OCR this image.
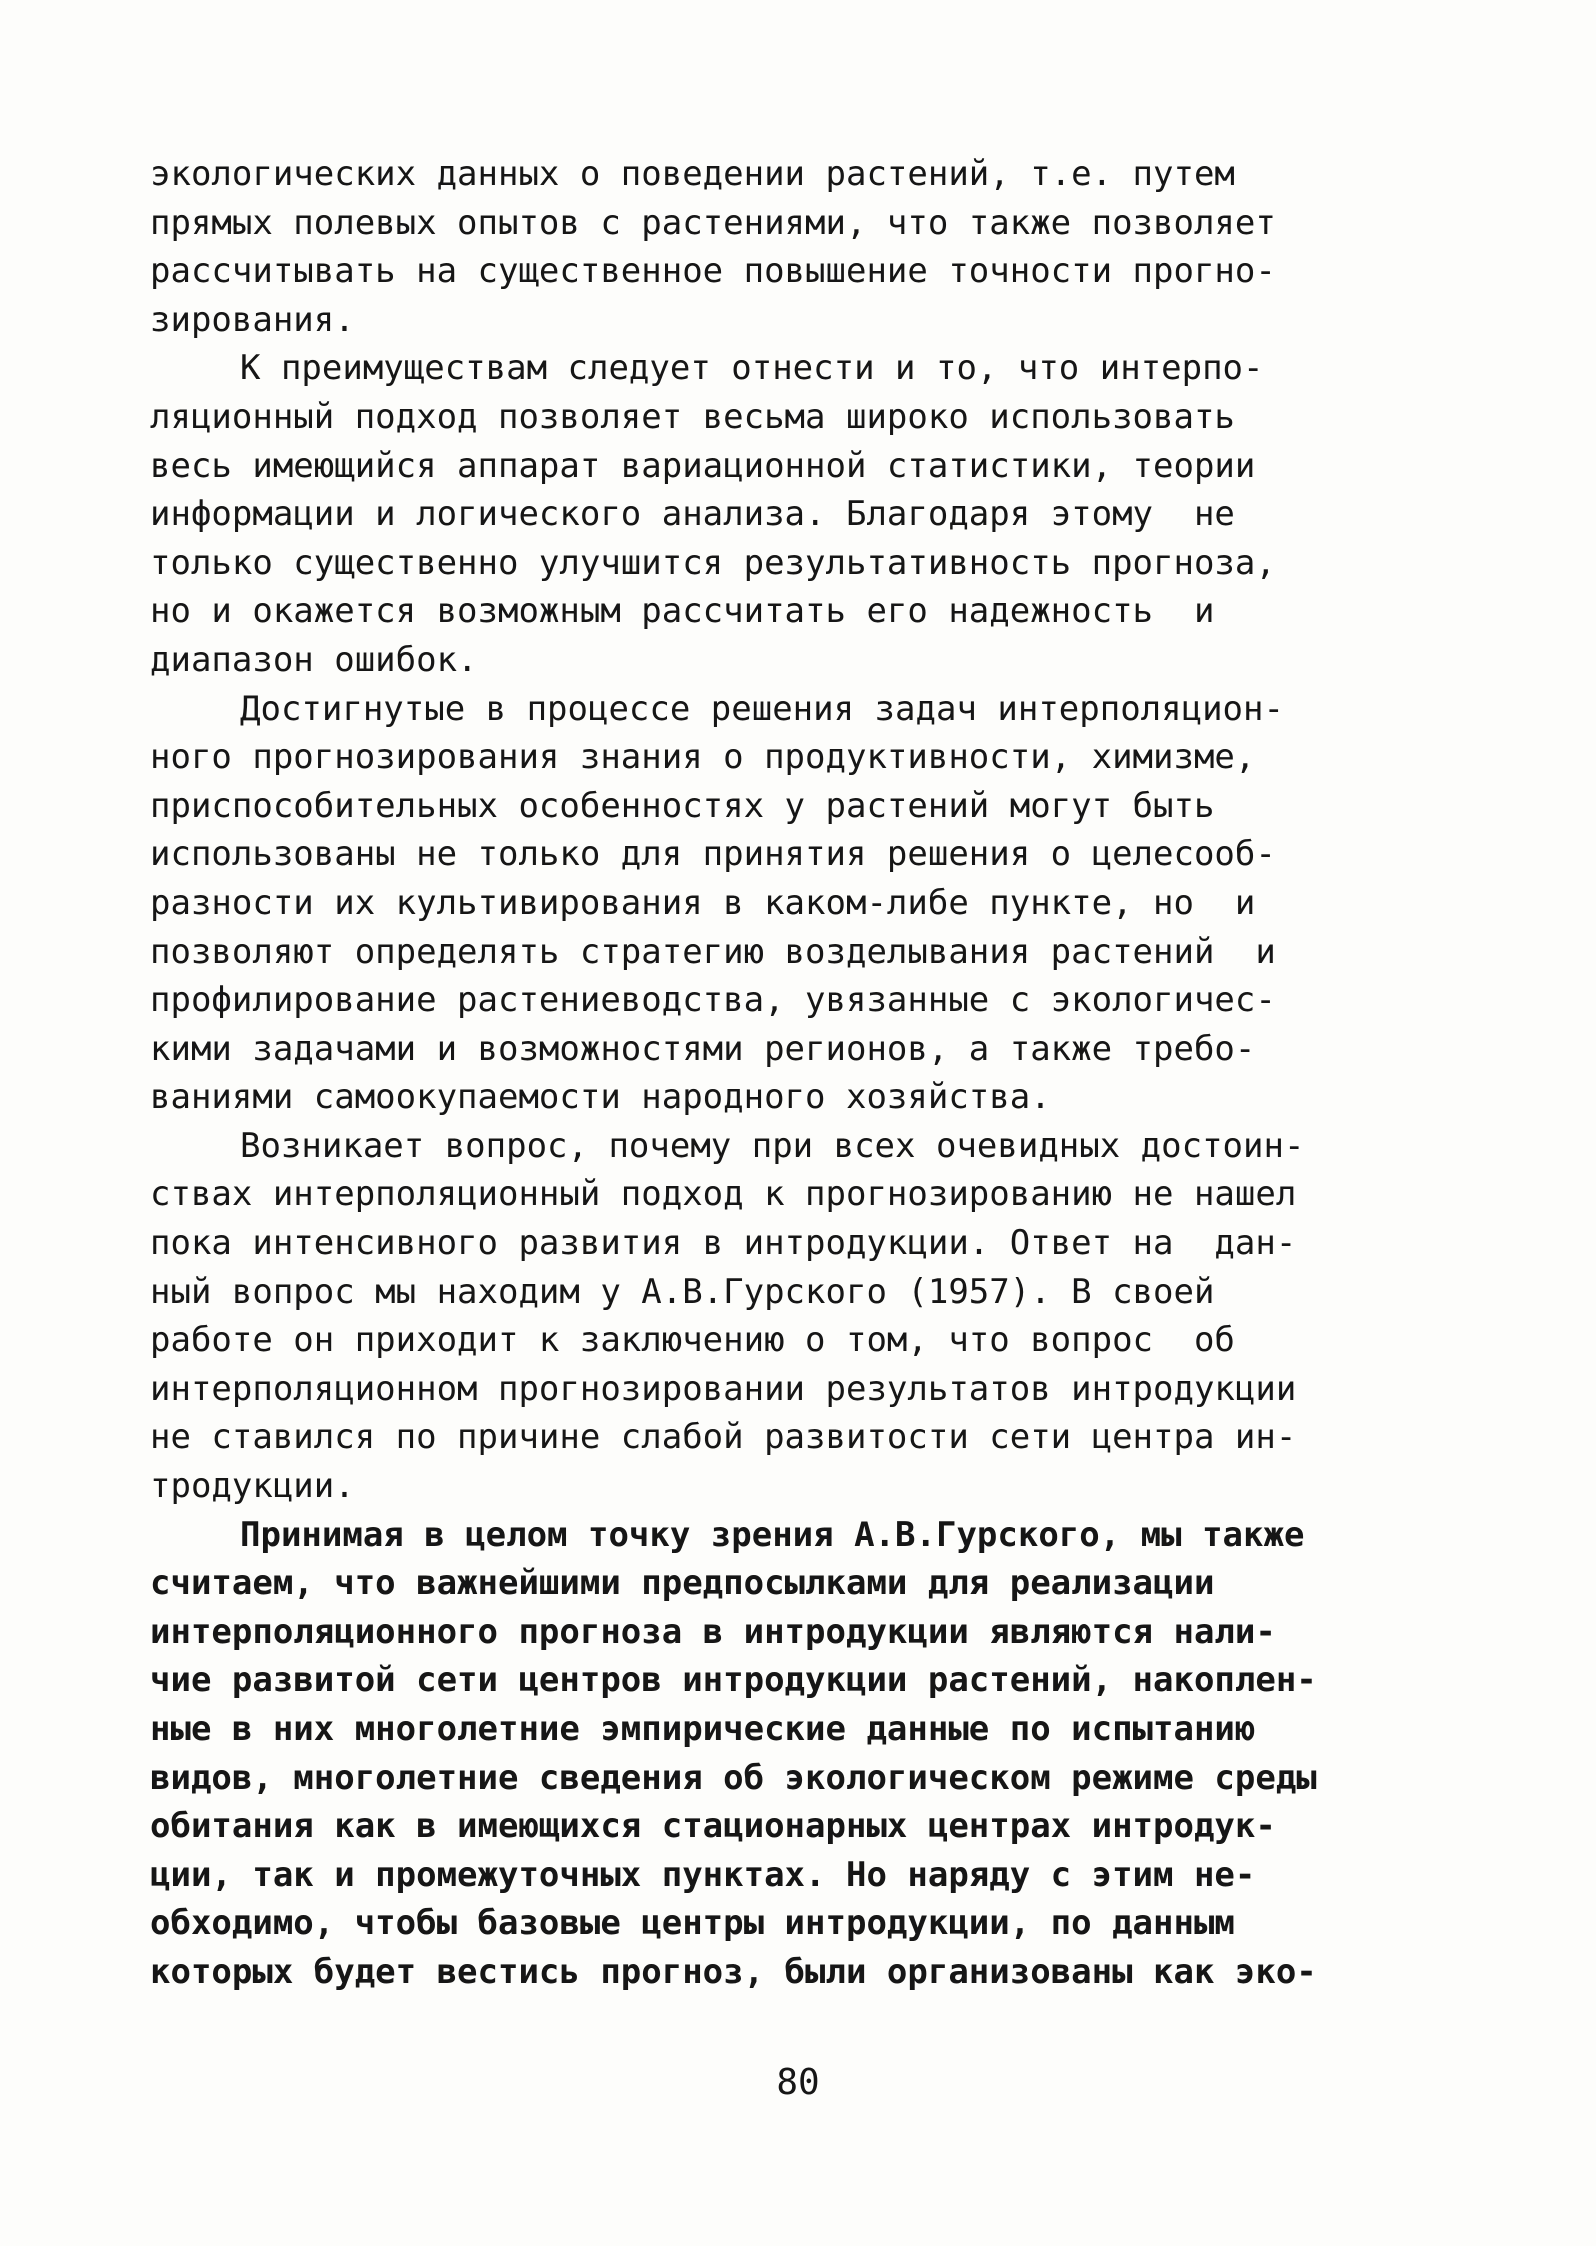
экологических данных о поведении растений, т.е. путем
прямых полевых опытов с растениями, что также позволяет
рассчитывать на существенное повышение точности прогно-
зирования.
К преимуществам следует отнести и то, что интерпо-
ляционный подход позволяет весьма широко использовать
весь имеющийся аппарат вариационной статистики, теории
информации и логического анализа. Благодаря этому  не
только существенно улучшится результативность прогноза,
но и окажется возможным рассчитать его надежность  и
диапазон ошибок.
Достигнутые в процессе решения задач интерполяцион-
ного прогнозирования знания о продуктивности, химизме,
приспособительных особенностях у растений могут быть
использованы не только для принятия решения о целесооб-
разности их культивирования в каком-либе пункте, но  и
позволяют определять стратегию возделывания растений  и
профилирование растениеводства, увязанные с экологичес-
кими задачами и возможностями регионов, а также требо-
ваниями самоокупаемости народного хозяйства.
Возникает вопрос, почему при всех очевидных достоин-
ствах интерполяционный подход к прогнозированию не нашел
пока интенсивного развития в интродукции. Ответ на  дан-
ный вопрос мы находим у А.В.Гурского (1957). В своей
работе он приходит к заключению о том, что вопрос  об
интерполяционном прогнозировании результатов интродукции
не ставился по причине слабой развитости сети центра ин-
тродукции.
Принимая в целом точку зрения А.В.Гурского, мы также
считаем, что важнейшими предпосылками для реализации
интерполяционного прогноза в интродукции являются нали-
чие развитой сети центров интродукции растений, накоплен-
ные в них многолетние эмпирические данные по испытанию
видов, многолетние сведения об экологическом режиме среды
обитания как в имеющихся стационарных центрах интродук-
ции, так и промежуточных пунктах. Но наряду с этим не-
обходимо, чтобы базовые центры интродукции, по данным
которых будет вестись прогноз, были организованы как эко-
80
